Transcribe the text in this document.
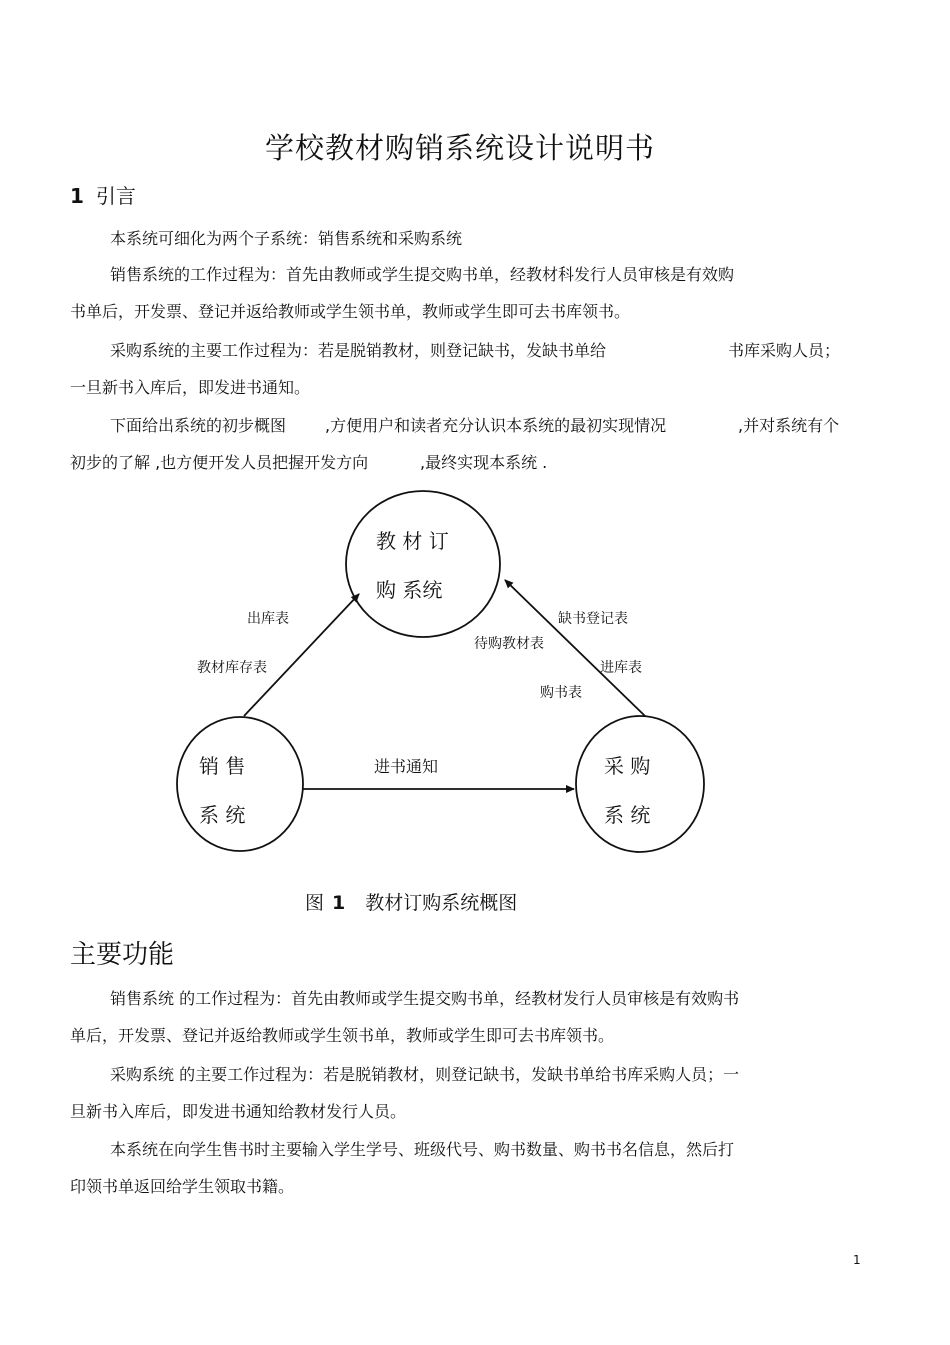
学校教材购销系统设计说明书
1 引言
本系统可细化为两个子系统：销售系统和采购系统
销售系统的工作过程为：首先由教师或学生提交购书单，经教材科发行人员审核是有效购
书单后，开发票、登记并返给教师或学生领书单，教师或学生即可去书库领书。
采购系统的主要工作过程为：若是脱销教材，则登记缺书，发缺书单给	书库采购人员；
一旦新书入库后，即发进书通知。
下面给出系统的初步概图 ,方便用户和读者充分认识本系统的最初实现情况	,并对系统有个
初步的了解 ,也方便开发人员把握开发方向	,最终实现本系统 .
教 材 订
购 系统
销 售
系 统
采 购
系 统
出库表
教材库存表
缺书登记表
待购教材表
进库表
购书表
进书通知
图 1 教材订购系统概图
主要功能
销售系统 的工作过程为：首先由教师或学生提交购书单，经教材发行人员审核是有效购书
单后，开发票、登记并返给教师或学生领书单，教师或学生即可去书库领书。
采购系统 的主要工作过程为：若是脱销教材，则登记缺书，发缺书单给书库采购人员；一
旦新书入库后，即发进书通知给教材发行人员。
本系统在向学生售书时主要输入学生学号、班级代号、购书数量、购书书名信息，然后打
印领书单返回给学生领取书籍。
1
